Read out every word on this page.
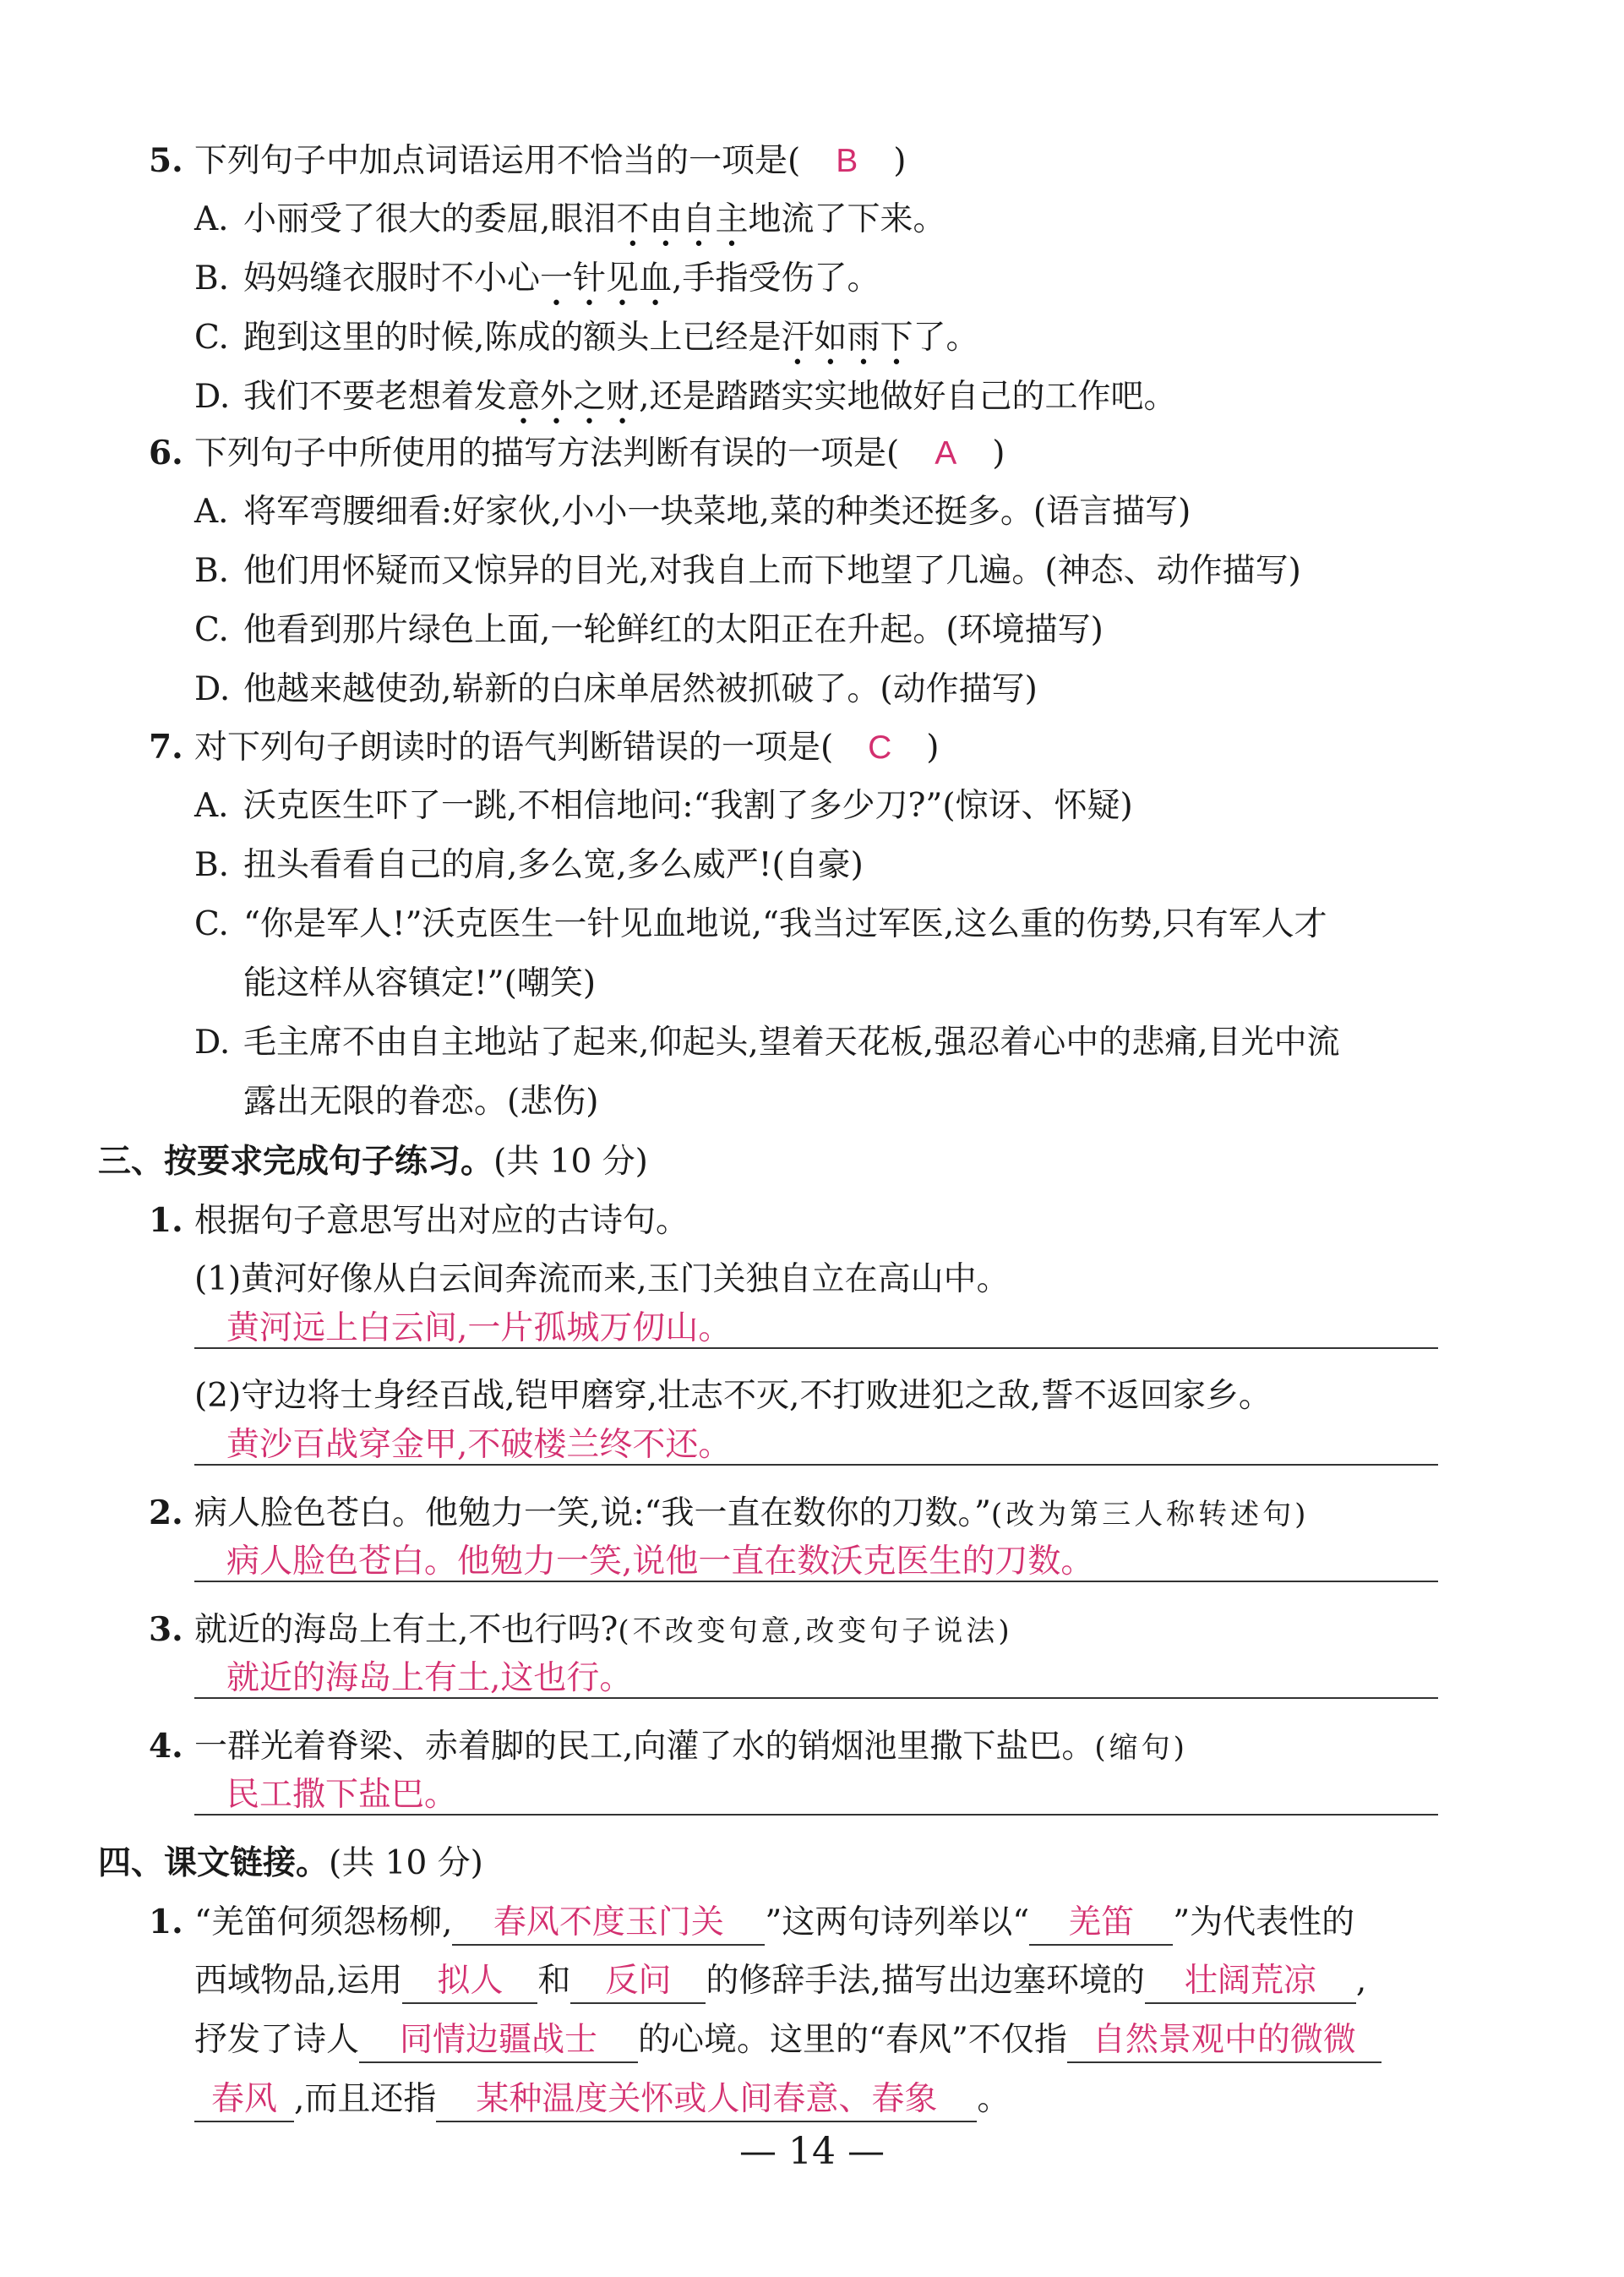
5. 下列句子中加点词语运用不恰当的一项是( B )
A. 小丽受了很大的委屈,眼泪不由自主地流了下来。
B. 妈妈缝衣服时不小心一针见血,手指受伤了。
C. 跑到这里的时候,陈成的额头上已经是汗如雨下了。
D. 我们不要老想着发意外之财,还是踏踏实实地做好自己的工作吧。
6. 下列句子中所使用的描写方法判断有误的一项是( A )
A. 将军弯腰细看:好家伙,小小一块菜地,菜的种类还挺多。(语言描写)
B. 他们用怀疑而又惊异的目光,对我自上而下地望了几遍。(神态、动作描写)
C. 他看到那片绿色上面,一轮鲜红的太阳正在升起。(环境描写)
D. 他越来越使劲,崭新的白床单居然被抓破了。(动作描写)
7. 对下列句子朗读时的语气判断错误的一项是( C )
A. 沃克医生吓了一跳,不相信地问:“我割了多少刀?”(惊讶、怀疑)
B. 扭头看看自己的肩,多么宽,多么威严!(自豪)
C. “你是军人!”沃克医生一针见血地说,“我当过军医,这么重的伤势,只有军人才
能这样从容镇定!”(嘲笑)
D. 毛主席不由自主地站了起来,仰起头,望着天花板,强忍着心中的悲痛,目光中流
露出无限的眷恋。(悲伤)
三、按要求完成句子练习。(共 10 分)
1. 根据句子意思写出对应的古诗句。
(1)黄河好像从白云间奔流而来,玉门关独自立在高山中。
黄河远上白云间,一片孤城万仞山。
(2)守边将士身经百战,铠甲磨穿,壮志不灭,不打败进犯之敌,誓不返回家乡。
黄沙百战穿金甲,不破楼兰终不还。
2. 病人脸色苍白。他勉力一笑,说:“我一直在数你的刀数。”(改为第三人称转述句)
病人脸色苍白。他勉力一笑,说他一直在数沃克医生的刀数。
3. 就近的海岛上有土,不也行吗?(不改变句意,改变句子说法)
就近的海岛上有土,这也行。
4. 一群光着脊梁、赤着脚的民工,向灌了水的销烟池里撒下盐巴。(缩句)
民工撒下盐巴。
四、课文链接。(共 10 分)
1. “羌笛何须怨杨柳, 春风不度玉门关 ”这两句诗列举以“ 羌笛 ”为代表性的
西域物品,运用 拟人 和 反问 的修辞手法,描写出边塞环境的 壮阔荒凉 ,
抒发了诗人 同情边疆战士 的心境。这里的“春风”不仅指 自然景观中的微微
春风 ,而且还指 某种温度关怀或人间春意、春象 。
— 14 —
